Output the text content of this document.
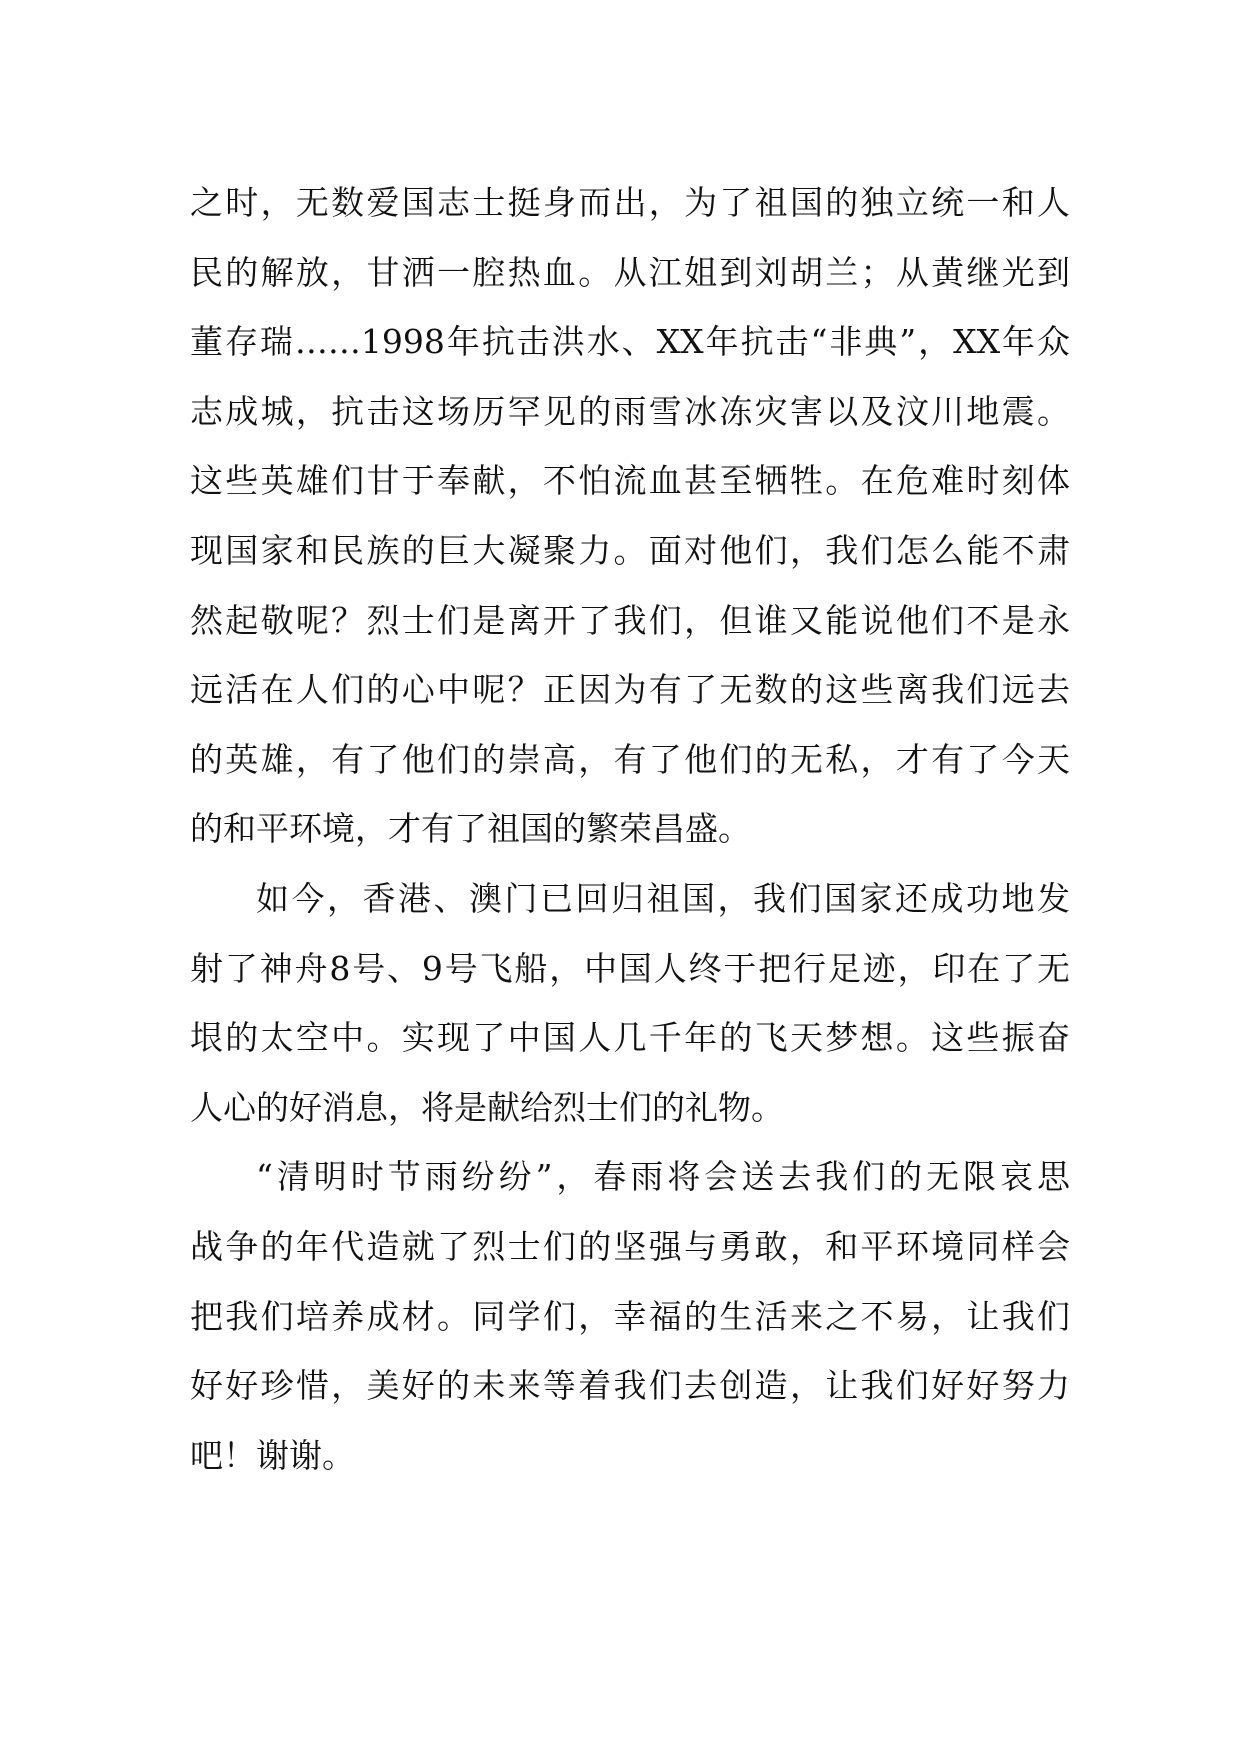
之时，无数爱国志士挺身而出，为了祖国的独立统一和人
民的解放，甘洒一腔热血。从江姐到刘胡兰；从黄继光到
董存瑞……1998年抗击洪水、XX年抗击“非典”，XX年众
志成城，抗击这场历罕见的雨雪冰冻灾害以及汶川地震。
这些英雄们甘于奉献，不怕流血甚至牺牲。在危难时刻体
现国家和民族的巨大凝聚力。面对他们，我们怎么能不肃
然起敬呢？烈士们是离开了我们，但谁又能说他们不是永
远活在人们的心中呢？正因为有了无数的这些离我们远去
的英雄，有了他们的崇高，有了他们的无私，才有了今天
的和平环境，才有了祖国的繁荣昌盛。
如今，香港、澳门已回归祖国，我们国家还成功地发
射了神舟8号、9号飞船，中国人终于把行足迹，印在了无
垠的太空中。实现了中国人几千年的飞天梦想。这些振奋
人心的好消息，将是献给烈士们的礼物。
“清明时节雨纷纷”，春雨将会送去我们的无限哀思
战争的年代造就了烈士们的坚强与勇敢，和平环境同样会
把我们培养成材。同学们，幸福的生活来之不易，让我们
好好珍惜，美好的未来等着我们去创造，让我们好好努力
吧！谢谢。
